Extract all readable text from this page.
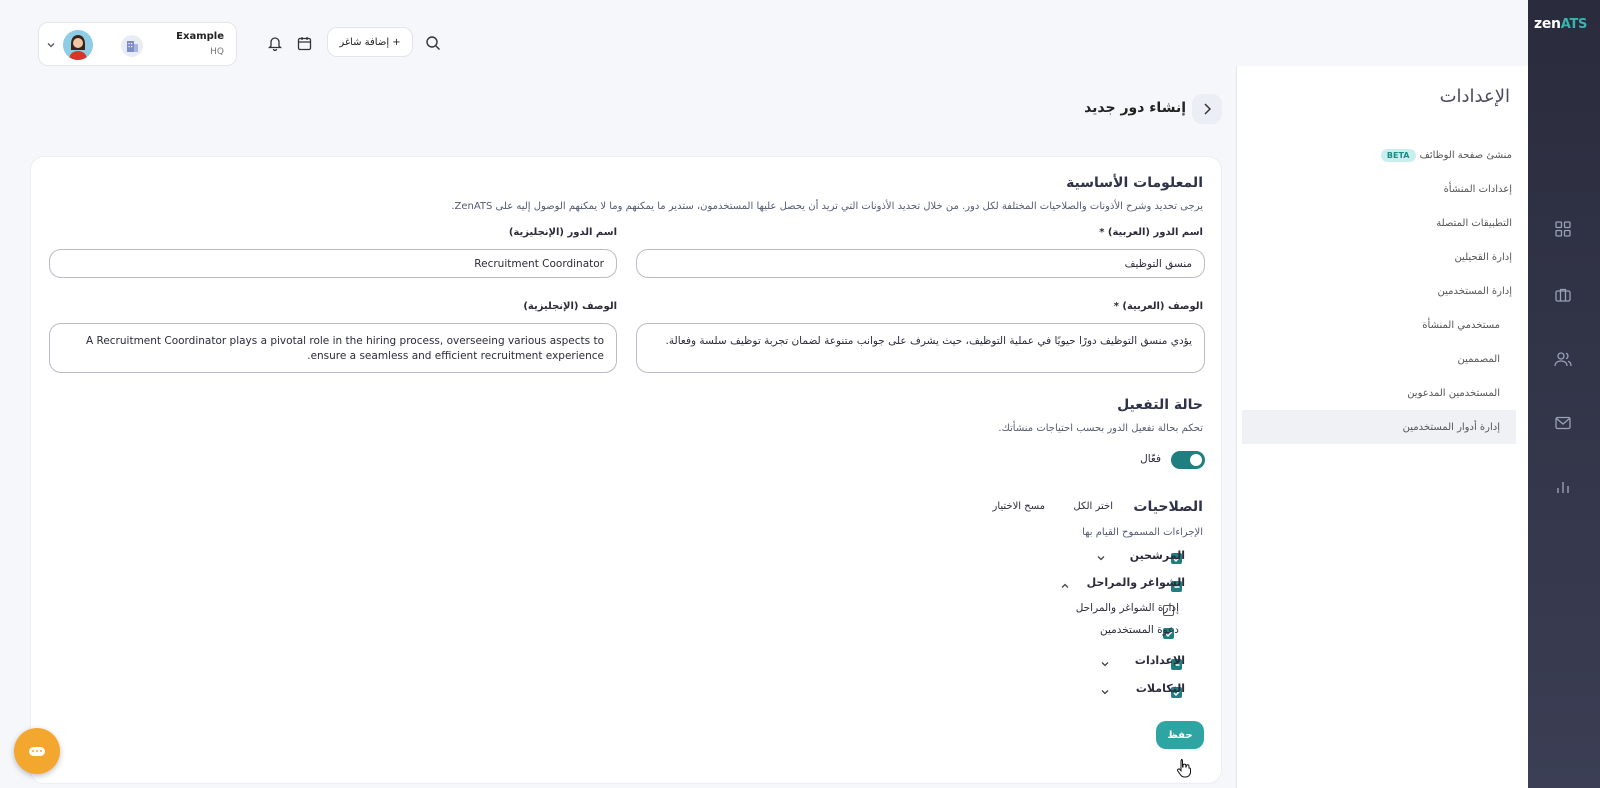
zenATS
الإعدادات
BETA	منشئ صفحة الوظائف
إعدادات المنشأة
التطبيقات المتصلة
إدارة القحيلين
إدارة المستخدمين
مستخدمي المنشأة
المصممين
المستخدمين المدعوين
إدارة أدوار المستخدمين
Example
HQ
+ إضافة شاغر
إنشاء دور جديد
المعلومات الأساسية
يرجى تحديد وشرح الأذونات والصلاحيات المختلفة لكل دور. من خلال تحديد الأذونات التي تريد أن يحصل عليها المستخدمون، ستدير ما يمكنهم وما لا يمكنهم الوصول إليه على ZenATS.
اسم الدور (العربية) *
اسم الدور (الإنجليزية)
منسق التوظيف
Recruitment Coordinator
الوصف (العربية) *
الوصف (الإنجليزية)
يؤدي منسق التوظيف دورًا حيويًا في عملية التوظيف، حيث يشرف على جوانب متنوعة لضمان تجربة توظيف سلسة وفعالة.
A Recruitment Coordinator plays a pivotal role in the hiring process, overseeing various aspects to ensure a seamless and efficient recruitment experience.
حالة التفعيل
تحكم بحالة تفعيل الدور بحسب احتياجات منشأتك.
فعّال
الصلاحيات
اختر الكل
مسح الاختيار
الإجراءات المسموح القيام بها
المرشحين
الشواغر والمراحل
إدارة الشواغر والمراحل
دعوة المستخدمين
الإعدادات
التكاملات
حفظ
